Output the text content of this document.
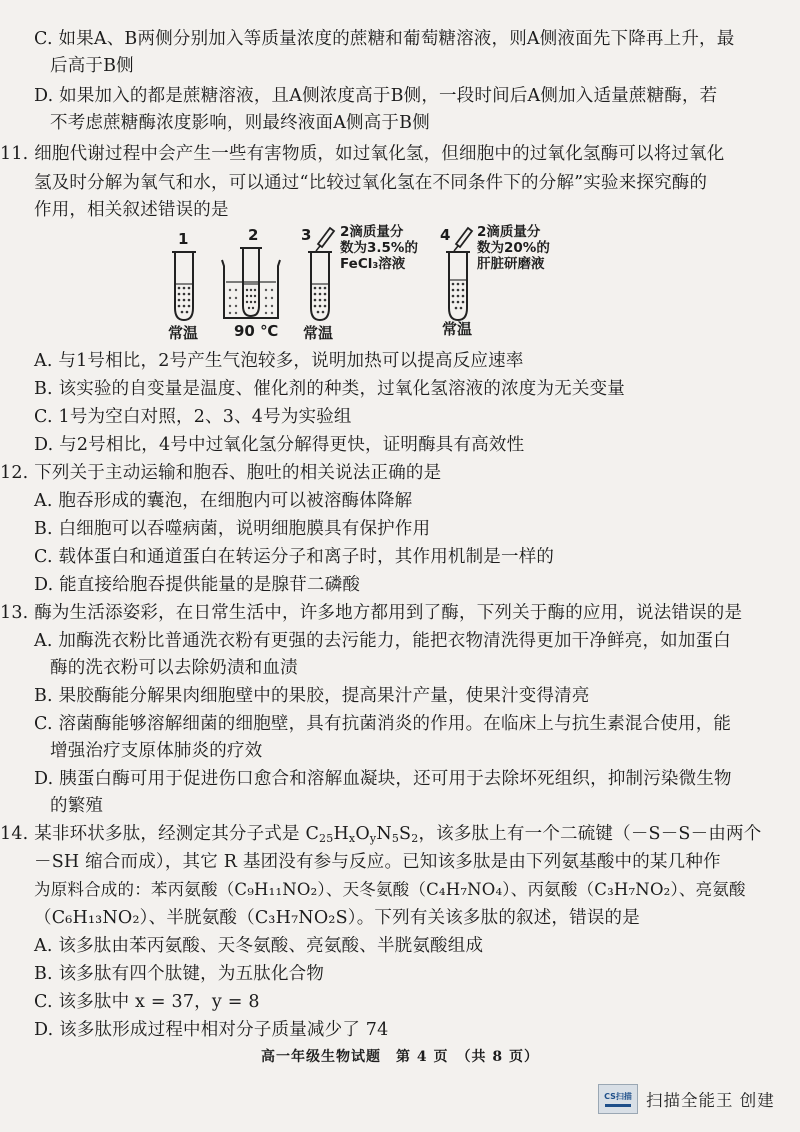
C. 如果A、B两侧分别加入等质量浓度的蔗糖和葡萄糖溶液，则A侧液面先下降再上升，最
后高于B侧
D. 如果加入的都是蔗糖溶液，且A侧浓度高于B侧，一段时间后A侧加入适量蔗糖酶，若
不考虑蔗糖酶浓度影响，则最终液面A侧高于B侧
11. 细胞代谢过程中会产生一些有害物质，如过氧化氢，但细胞中的过氧化氢酶可以将过氧化
氢及时分解为氧气和水，可以通过“比较过氧化氢在不同条件下的分解”实验来探究酶的
作用，相关叙述错误的是
1	2	3	4
2滴质量分
数为3.5%的
FeCl₃溶液
2滴质量分
数为20%的
肝脏研磨液
常温 90 ℃ 常温	常温
A. 与1号相比，2号产生气泡较多，说明加热可以提高反应速率
B. 该实验的自变量是温度、催化剂的种类，过氧化氢溶液的浓度为无关变量
C. 1号为空白对照，2、3、4号为实验组
D. 与2号相比，4号中过氧化氢分解得更快，证明酶具有高效性
12. 下列关于主动运输和胞吞、胞吐的相关说法正确的是
A. 胞吞形成的囊泡，在细胞内可以被溶酶体降解
B. 白细胞可以吞噬病菌，说明细胞膜具有保护作用
C. 载体蛋白和通道蛋白在转运分子和离子时，其作用机制是一样的
D. 能直接给胞吞提供能量的是腺苷二磷酸
13. 酶为生活添姿彩，在日常生活中，许多地方都用到了酶，下列关于酶的应用，说法错误的是
A. 加酶洗衣粉比普通洗衣粉有更强的去污能力，能把衣物清洗得更加干净鲜亮，如加蛋白
酶的洗衣粉可以去除奶渍和血渍
B. 果胶酶能分解果肉细胞壁中的果胶，提高果汁产量，使果汁变得清亮
C. 溶菌酶能够溶解细菌的细胞壁，具有抗菌消炎的作用。在临床上与抗生素混合使用，能
增强治疗支原体肺炎的疗效
D. 胰蛋白酶可用于促进伤口愈合和溶解血凝块，还可用于去除坏死组织，抑制污染微生物
的繁殖
14. 某非环状多肽，经测定其分子式是 $C_{25}H_xO_yN_5S_2$，该多肽上有一个二硫键（－S－S－由两个
－SH 缩合而成），其它 R 基团没有参与反应。已知该多肽是由下列氨基酸中的某几种作
为原料合成的：苯丙氨酸（C₉H₁₁NO₂）、天冬氨酸（C₄H₇NO₄）、丙氨酸（C₃H₇NO₂）、亮氨酸
（C₆H₁₃NO₂）、半胱氨酸（C₃H₇NO₂S）。下列有关该多肽的叙述，错误的是
A. 该多肽由苯丙氨酸、天冬氨酸、亮氨酸、半胱氨酸组成
B. 该多肽有四个肽键，为五肽化合物
C. 该多肽中 x = 37，y = 8
D. 该多肽形成过程中相对分子质量减少了 74
高一年级生物试题　第 4 页　（共 8 页）
CS扫描 扫描全能王 创建
